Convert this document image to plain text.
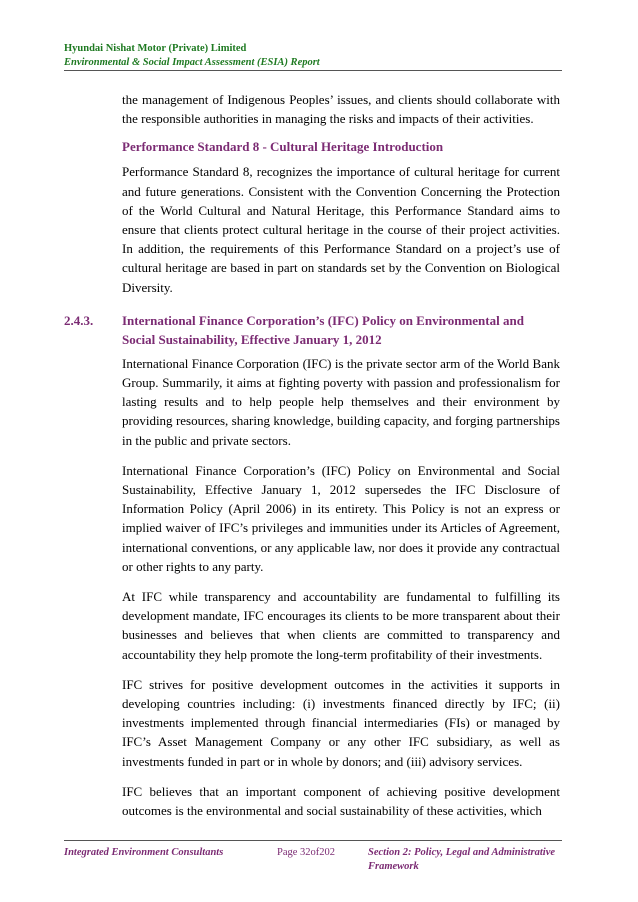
Hyundai Nishat Motor (Private) Limited
Environmental & Social Impact Assessment (ESIA) Report

the management of Indigenous Peoples’ issues, and clients should collaborate with the responsible authorities in managing the risks and impacts of their activities.

Performance Standard 8 - Cultural Heritage Introduction

Performance Standard 8, recognizes the importance of cultural heritage for current and future generations. Consistent with the Convention Concerning the Protection of the World Cultural and Natural Heritage, this Performance Standard aims to ensure that clients protect cultural heritage in the course of their project activities. In addition, the requirements of this Performance Standard on a project’s use of cultural heritage are based in part on standards set by the Convention on Biological Diversity.

2.4.3. International Finance Corporation’s (IFC) Policy on Environmental and Social Sustainability, Effective January 1, 2012

International Finance Corporation (IFC) is the private sector arm of the World Bank Group. Summarily, it aims at fighting poverty with passion and professionalism for lasting results and to help people help themselves and their environment by providing resources, sharing knowledge, building capacity, and forging partnerships in the public and private sectors.

International Finance Corporation’s (IFC) Policy on Environmental and Social Sustainability, Effective January 1, 2012 supersedes the IFC Disclosure of Information Policy (April 2006) in its entirety. This Policy is not an express or implied waiver of IFC’s privileges and immunities under its Articles of Agreement, international conventions, or any applicable law, nor does it provide any contractual or other rights to any party.

At IFC while transparency and accountability are fundamental to fulfilling its development mandate, IFC encourages its clients to be more transparent about their businesses and believes that when clients are committed to transparency and accountability they help promote the long-term profitability of their investments.

IFC strives for positive development outcomes in the activities it supports in developing countries including: (i) investments financed directly by IFC; (ii) investments implemented through financial intermediaries (FIs) or managed by IFC’s Asset Management Company or any other IFC subsidiary, as well as investments funded in part or in whole by donors; and (iii) advisory services.

IFC believes that an important component of achieving positive development outcomes is the environmental and social sustainability of these activities, which

Integrated Environment Consultants	Page 32of202	Section 2: Policy, Legal and Administrative Framework
